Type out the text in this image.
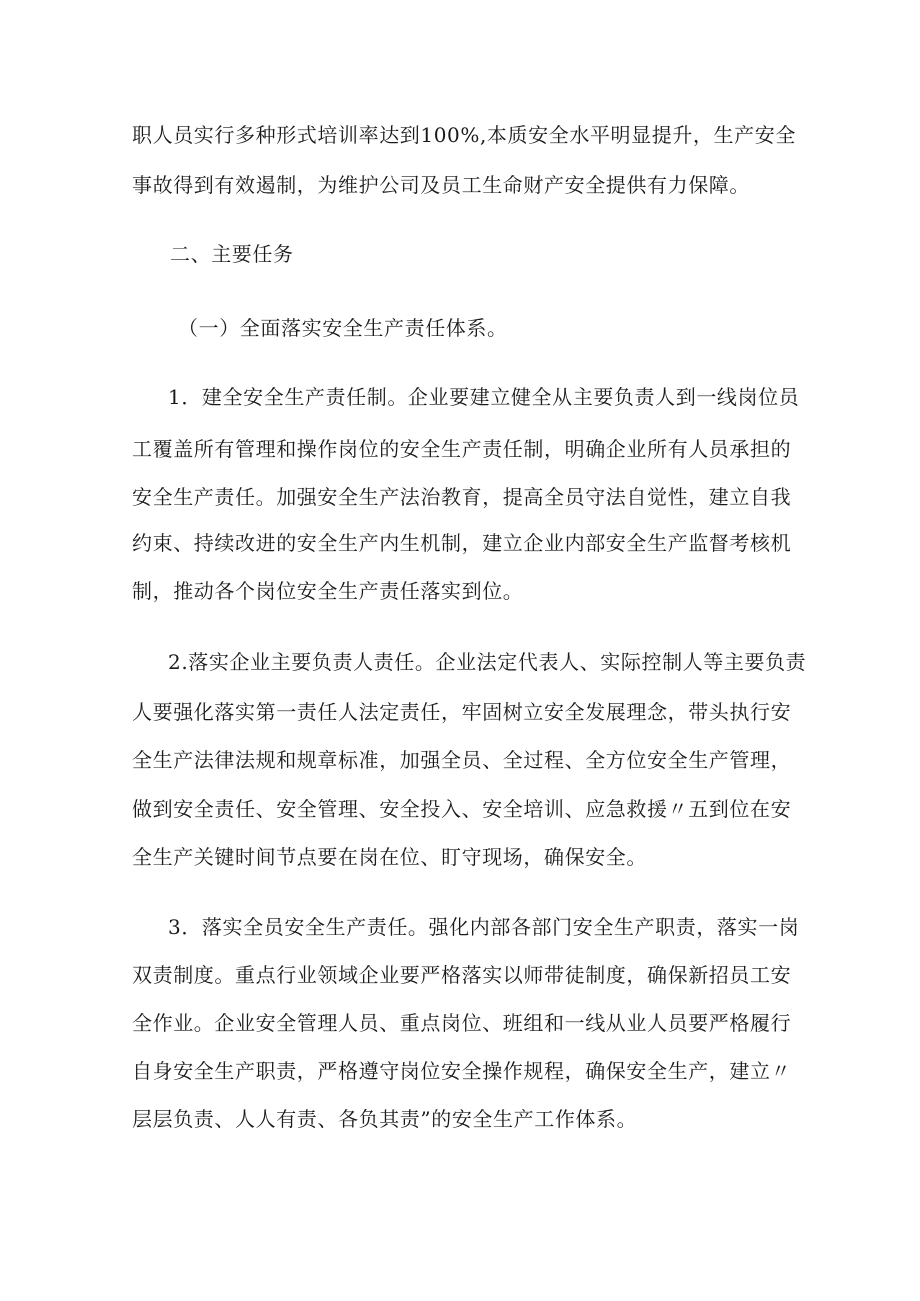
职人员实行多种形式培训率达到100%,本质安全水平明显提升，生产安全
事故得到有效遏制，为维护公司及员工生命财产安全提供有力保障。
二、主要任务
（一）全面落实安全生产责任体系。
1．建全安全生产责任制。企业要建立健全从主要负责人到一线岗位员
工覆盖所有管理和操作岗位的安全生产责任制，明确企业所有人员承担的
安全生产责任。加强安全生产法治教育，提高全员守法自觉性，建立自我
约束、持续改进的安全生产内生机制，建立企业内部安全生产监督考核机
制，推动各个岗位安全生产责任落实到位。
2.落实企业主要负责人责任。企业法定代表人、实际控制人等主要负责
人要强化落实第一责任人法定责任，牢固树立安全发展理念，带头执行安
全生产法律法规和规章标准，加强全员、全过程、全方位安全生产管理，
做到安全责任、安全管理、安全投入、安全培训、应急救援〃五到位在安
全生产关键时间节点要在岗在位、盯守现场，确保安全。
3．落实全员安全生产责任。强化内部各部门安全生产职责，落实一岗
双责制度。重点行业领域企业要严格落实以师带徒制度，确保新招员工安
全作业。企业安全管理人员、重点岗位、班组和一线从业人员要严格履行
自身安全生产职责，严格遵守岗位安全操作规程，确保安全生产，建立〃
层层负责、人人有责、各负其责”的安全生产工作体系。
